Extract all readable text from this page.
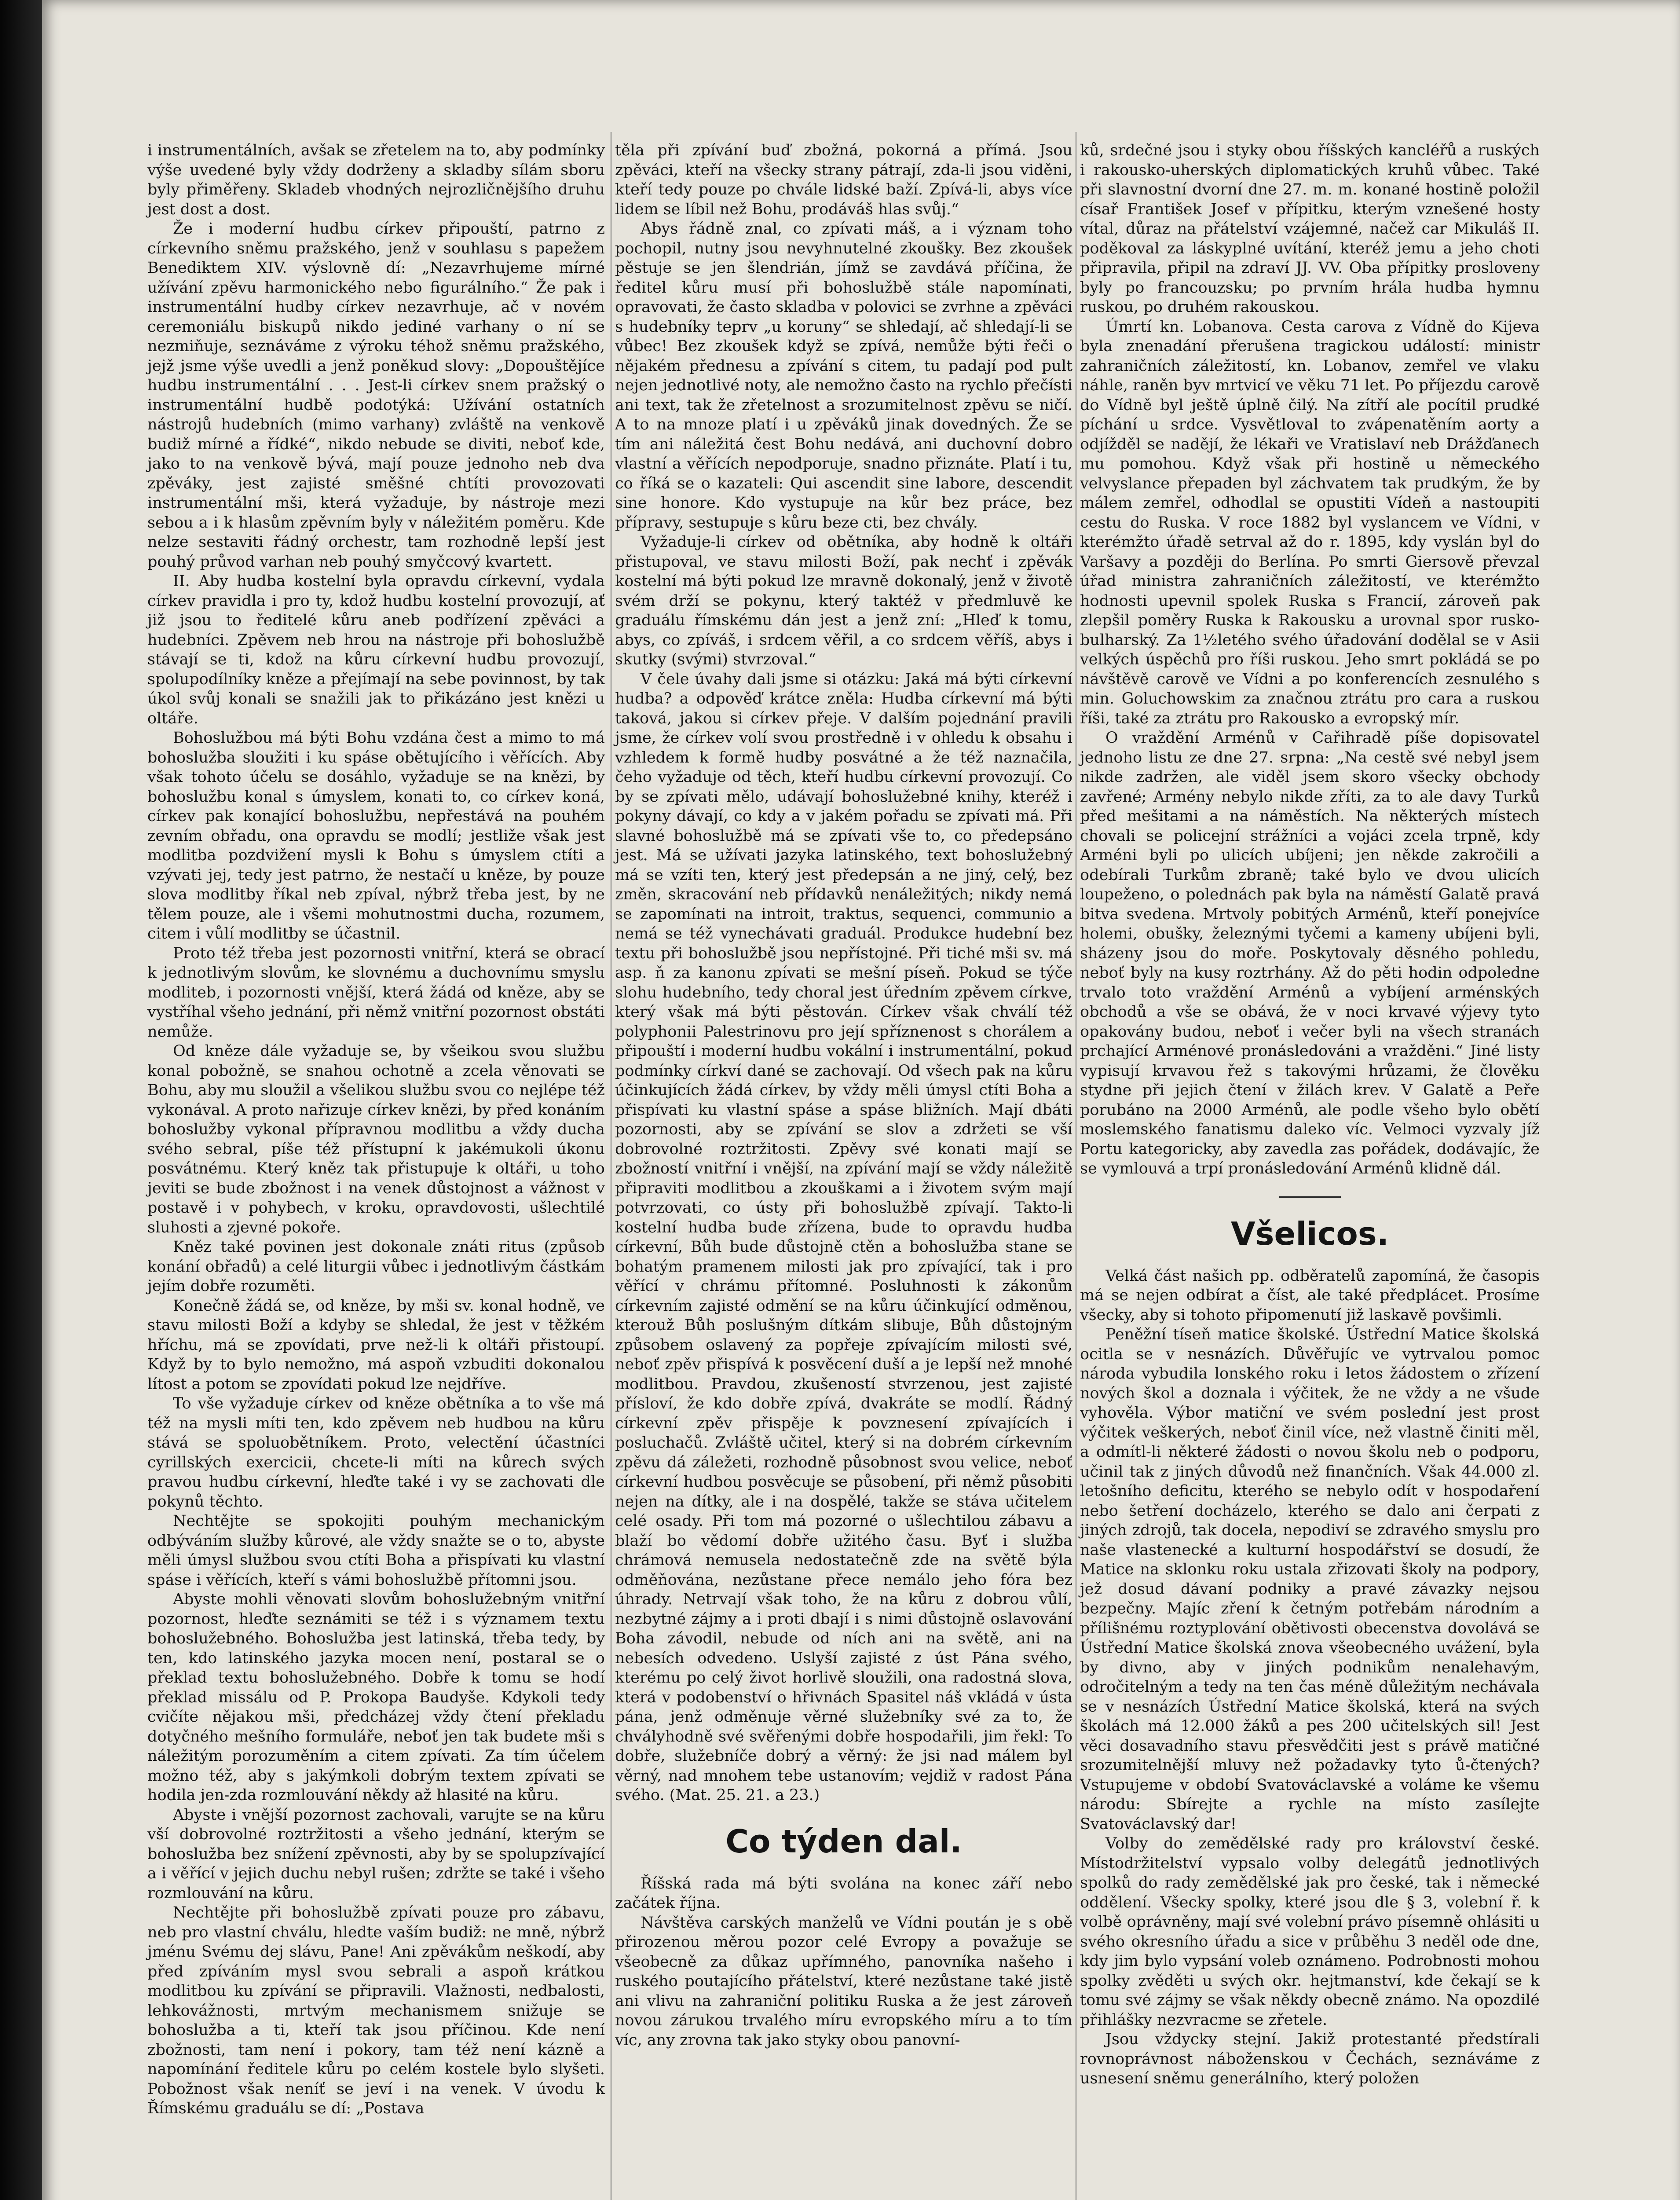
i instrumentálních, avšak se zřetelem na to, aby podmínky výše uvedené byly vždy dodrženy a skladby sílám sboru byly přiměřeny. Skladeb vhodných nejrozličnějšího druhu jest dost a dost.

Že i moderní hudbu církev připouští, patrno z církevního sněmu pražského, jenž v souhlasu s papežem Benediktem XIV. výslovně dí: „Nezavrhujeme mírné užívání zpěvu harmonického nebo figurálního.“ Že pak i instrumentální hudby církev nezavrhuje, ač v novém ceremoniálu biskupů nikdo jediné varhany o ní se nezmiňuje, seznáváme z výroku téhož sněmu pražského, jejž jsme výše uvedli a jenž poněkud slovy: „Dopouštějíce hudbu instrumentální . . . Jest-li církev snem pražský o instrumentální hudbě podotýká: Užívání ostatních nástrojů hudebních (mimo varhany) zvláště na venkově budiž mírné a řídké“, nikdo nebude se diviti, neboť kde, jako to na venkově bývá, mají pouze jednoho neb dva zpěváky, jest zajisté směšné chtíti provozovati instrumentální mši, která vyžaduje, by nástroje mezi sebou a i k hlasům zpěvním byly v náležitém poměru. Kde nelze sestaviti řádný orchestr, tam rozhodně lepší jest pouhý průvod varhan neb pouhý smyčcový kvartett.

II. Aby hudba kostelní byla opravdu církevní, vydala církev pravidla i pro ty, kdož hudbu kostelní provozují, ať již jsou to ředitelé kůru aneb podřízení zpěváci a hudebníci. Zpěvem neb hrou na nástroje při bohoslužbě stávají se ti, kdož na kůru církevní hudbu provozují, spolupodílníky kněze a přejímají na sebe povinnost, by tak úkol svůj konali se snažili jak to přikázáno jest knězi u oltáře.

Bohoslužbou má býti Bohu vzdána čest a mimo to má bohoslužba sloužiti i ku spáse obětujícího i věřících. Aby však tohoto účelu se dosáhlo, vyžaduje se na knězi, by bohoslužbu konal s úmyslem, konati to, co církev koná, církev pak konající bohoslužbu, nepřestává na pouhém zevním obřadu, ona opravdu se modlí; jestliže však jest modlitba pozdvižení mysli k Bohu s úmyslem ctíti a vzývati jej, tedy jest patrno, že nestačí u kněze, by pouze slova modlitby říkal neb zpíval, nýbrž třeba jest, by ne tělem pouze, ale i všemi mohutnostmi ducha, rozumem, citem i vůlí modlitby se účastnil.

Proto též třeba jest pozornosti vnitřní, která se obrací k jednotlivým slovům, ke slovnému a duchovnímu smyslu modliteb, i pozornosti vnější, která žádá od kněze, aby se vystříhal všeho jednání, při němž vnitřní pozornost obstáti nemůže.

Od kněze dále vyžaduje se, by všeikou svou službu konal pobožně, se snahou ochotně a zcela věnovati se Bohu, aby mu sloužil a všelikou službu svou co nejlépe též vykonával. A proto nařizuje církev knězi, by před konáním bohoslužby vykonal přípravnou modlitbu a vždy ducha svého sebral, píše též přístupní k jakémukoli úkonu posvátnému. Který kněz tak přistupuje k oltáři, u toho jeviti se bude zbožnost i na venek důstojnost a vážnost v postavě i v pohybech, v kroku, opravdovosti, ušlechtilé sluhosti a zjevné pokoře.

Kněz také povinen jest dokonale znáti ritus (způsob konání obřadů) a celé liturgii vůbec i jednotlivým částkám jejím dobře rozuměti.

Konečně žádá se, od kněze, by mši sv. konal hodně, ve stavu milosti Boží a kdyby se shledal, že jest v těžkém hříchu, má se zpovídati, prve než-li k oltáři přistoupí. Když by to bylo nemožno, má aspoň vzbuditi dokonalou lítost a potom se zpovídati pokud lze nejdříve.

To vše vyžaduje církev od kněze obětníka a to vše má též na mysli míti ten, kdo zpěvem neb hudbou na kůru stává se spoluobětníkem. Proto, velectění účastníci cyrillských exercicii, chcete-li míti na kůrech svých pravou hudbu církevní, hleďte také i vy se zachovati dle pokynů těchto.

Nechtějte se spokojiti pouhým mechanickým odbýváním služby kůrové, ale vždy snažte se o to, abyste měli úmysl službou svou ctíti Boha a přispívati ku vlastní spáse i věřících, kteří s vámi bohoslužbě přítomni jsou.

Abyste mohli věnovati slovům bohoslužebným vnitřní pozornost, hleďte seznámiti se též i s významem textu bohoslužebného. Bohoslužba jest latinská, třeba tedy, by ten, kdo latinského jazyka mocen není, postaral se o překlad textu bohoslužebného. Dobře k tomu se hodí překlad missálu od P. Prokopa Baudyše. Kdykoli tedy cvičíte nějakou mši, předcházej vždy čtení překladu dotyčného mešního formuláře, neboť jen tak budete mši s náležitým porozuměním a citem zpívati. Za tím účelem možno též, aby s jakýmkoli dobrým textem zpívati se hodila jen-zda rozmlouvání někdy až hlasité na kůru.

Abyste i vnější pozornost zachovali, varujte se na kůru vší dobrovolné roztržitosti a všeho jednání, kterým se bohoslužba bez snížení zpěvnosti, aby by se spolupzívající a i věřící v jejich duchu nebyl rušen; zdržte se také i všeho rozmlouvání na kůru.

Nechtějte při bohoslužbě zpívati pouze pro zábavu, neb pro vlastní chválu, hledte vaším budiž: ne mně, nýbrž jménu Svému dej slávu, Pane! Ani zpěvákům neškodí, aby před zpíváním mysl svou sebrali a aspoň krátkou modlitbou ku zpívání se připravili. Vlažnosti, nedbalosti, lehkovážnosti, mrtvým mechanismem snižuje se bohoslužba a ti, kteří tak jsou příčinou. Kde není zbožnosti, tam není i pokory, tam též není kázně a napomínání ředitele kůru po celém kostele bylo slyšeti. Pobožnost však neníť se jeví i na venek. V úvodu k Římskému graduálu se dí: „Postava

těla při zpívání buď zbožná, pokorná a přímá. Jsou zpěváci, kteří na všecky strany pátrají, zda-li jsou viděni, kteří tedy pouze po chvále lidské baží. Zpívá-li, abys více lidem se líbil než Bohu, prodáváš hlas svůj.“

Abys řádně znal, co zpívati máš, a i význam toho pochopil, nutny jsou nevyhnutelné zkoušky. Bez zkoušek pěstuje se jen šlendrián, jímž se zavdává příčina, že ředitel kůru musí při bohoslužbě stále napomínati, opravovati, že často skladba v polovici se zvrhne a zpěváci s hudebníky teprv „u koruny“ se shledají, ač shledají-li se vůbec! Bez zkoušek když se zpívá, nemůže býti řeči o nějakém přednesu a zpívání s citem, tu padají pod pult nejen jednotlivé noty, ale nemožno často na rychlo přečísti ani text, tak že zřetelnost a srozumitelnost zpěvu se ničí. A to na mnoze platí i u zpěváků jinak dovedných. Že se tím ani náležitá čest Bohu nedává, ani duchovní dobro vlastní a věřících nepodporuje, snadno přiznáte. Platí i tu, co říká se o kazateli: Qui ascendit sine labore, descendit sine honore. Kdo vystupuje na kůr bez práce, bez přípravy, sestupuje s kůru beze cti, bez chvály.

Vyžaduje-li církev od obětníka, aby hodně k oltáři přistupoval, ve stavu milosti Boží, pak nechť i zpěvák kostelní má býti pokud lze mravně dokonalý, jenž v životě svém drží se pokynu, který taktéž v předmluvě ke graduálu římskému dán jest a jenž zní: „Hleď k tomu, abys, co zpíváš, i srdcem věřil, a co srdcem věříš, abys i skutky (svými) stvrzoval.“

V čele úvahy dali jsme si otázku: Jaká má býti církevní hudba? a odpověď krátce zněla: Hudba církevní má býti taková, jakou si církev přeje. V dalším pojednání pravili jsme, že církev volí svou prostředně i v ohledu k obsahu i vzhledem k formě hudby posvátné a že též naznačila, čeho vyžaduje od těch, kteří hudbu církevní provozují. Co by se zpívati mělo, udávají bohoslužebné knihy, kteréž i pokyny dávají, co kdy a v jakém pořadu se zpívati má. Při slavné bohoslužbě má se zpívati vše to, co předepsáno jest. Má se užívati jazyka latinského, text bohoslužebný má se vzíti ten, který jest předepsán a ne jiný, celý, bez změn, skracování neb přídavků nenáležitých; nikdy nemá se zapomínati na introit, traktus, sequenci, communio a nemá se též vynechávati graduál. Produkce hudební bez textu při bohoslužbě jsou nepřístojné. Při tiché mši sv. má asp. ň za kanonu zpívati se mešní píseň. Pokud se týče slohu hudebního, tedy choral jest úředním zpěvem církve, který však má býti pěstován. Církev však chválí též polyphonii Palestrinovu pro její spříznenost s chorálem a připouští i moderní hudbu vokální i instrumentální, pokud podmínky církví dané se zachovají. Od všech pak na kůru účinkujících žádá církev, by vždy měli úmysl ctíti Boha a přispívati ku vlastní spáse a spáse bližních. Mají dbáti pozornosti, aby se zpívání se slov a zdržeti se vší dobrovolné roztržitosti. Zpěvy své konati mají se zbožností vnitřní i vnější, na zpívání mají se vždy náležitě připraviti modlitbou a zkouškami a i životem svým mají potvrzovati, co ústy při bohoslužbě zpívají. Takto-li kostelní hudba bude zřízena, bude to opravdu hudba církevní, Bůh bude důstojně ctěn a bohoslužba stane se bohatým pramenem milosti jak pro zpívající, tak i pro věřící v chrámu přítomné. Posluhnosti k zákonům církevním zajisté odmění se na kůru účinkující odměnou, kterouž Bůh poslušným dítkám slibuje, Bůh důstojným způsobem oslavený za popřeje zpívajícím milosti své, neboť zpěv přispívá k posvěcení duší a je lepší než mnohé modlitbou. Pravdou, zkušeností stvrzenou, jest zajisté přísloví, že kdo dobře zpívá, dvakráte se modlí. Řádný církevní zpěv přispěje k povznesení zpívajících i posluchačů. Zvláště učitel, který si na dobrém církevním zpěvu dá záležeti, rozhodně působnost svou velice, neboť církevní hudbou posvěcuje se působení, při němž působiti nejen na dítky, ale i na dospělé, takže se stáva učitelem celé osady. Při tom má pozorné o ušlechtilou zábavu a blaží bo vědomí dobře užitého času. Byť i služba chrámová nemusela nedostatečně zde na světě býla odměňována, nezůstane přece nemálo jeho fóra bez úhrady. Netrvají však toho, že na kůru z dobrou vůlí, nezbytné zájmy a i proti dbají i s nimi důstojně oslavování Boha závodil, nebude od ních ani na světě, ani na nebesích odvedeno. Uslyší zajisté z úst Pána svého, kterému po celý život horlivě sloužili, ona radostná slova, která v podobenství o hřivnách Spasitel náš vkládá v ústa pána, jenž odměnuje věrné služebníky své za to, že chvályhodně své svěřenými dobře hospodařili, jim řekl: To dobře, služebníče dobrý a věrný: že jsi nad málem byl věrný, nad mnohem tebe ustanovím; vejdiž v radost Pána svého. (Mat. 25. 21. a 23.)

Co týden dal.

Říšská rada má býti svolána na konec září nebo začátek října.

Návštěva carských manželů ve Vídni poután je s obě přirozenou měrou pozor celé Evropy a považuje se všeobecně za důkaz upřímného, panovníka našeho i ruského poutajícího přátelství, které nezůstane také jistě ani vlivu na zahraniční politiku Ruska a že jest zároveň novou zárukou trvalého míru evropského míru a to tím víc, any zrovna tak jako styky obou panovní-

ků, srdečné jsou i styky obou říšských kancléřů a ruských i rakousko-uherských diplomatických kruhů vůbec. Také při slavnostní dvorní dne 27. m. m. konané hostině položil císař František Josef v přípitku, kterým vznešené hosty vítal, důraz na přátelství vzájemné, načež car Mikuláš II. poděkoval za láskyplné uvítání, kteréž jemu a jeho choti připravila, připil na zdraví JJ. VV. Oba přípitky prosloveny byly po francouzsku; po prvním hrála hudba hymnu ruskou, po druhém rakouskou.

Úmrtí kn. Lobanova. Cesta carova z Vídně do Kijeva byla znenadání přerušena tragickou událostí: ministr zahraničních záležitostí, kn. Lobanov, zemřel ve vlaku náhle, raněn byv mrtvicí ve věku 71 let. Po příjezdu carově do Vídně byl ještě úplně čilý. Na zítří ale pocítil prudké píchání u srdce. Vysvětloval to zvápenatěním aorty a odjížděl se nadějí, že lékaři ve Vratislaví neb Drážďanech mu pomohou. Když však při hostině u německého velvyslance přepaden byl záchvatem tak prudkým, že by málem zemřel, odhodlal se opustiti Vídeň a nastoupiti cestu do Ruska. V roce 1882 byl vyslancem ve Vídni, v kterémžto úřadě setrval až do r. 1895, kdy vyslán byl do Varšavy a později do Berlína. Po smrti Giersově převzal úřad ministra zahraničních záležitostí, ve kterémžto hodnosti upevnil spolek Ruska s Francií, zároveň pak zlepšil poměry Ruska k Rakousku a urovnal spor rusko-bulharský. Za 1½letého svého úřadování dodělal se v Asii velkých úspěchů pro říši ruskou. Jeho smrt pokládá se po návštěvě carově ve Vídni a po konferencích zesnulého s min. Goluchowskim za značnou ztrátu pro cara a ruskou říši, také za ztrátu pro Rakousko a evropský mír.

O vraždění Arménů v Cařihradě píše dopisovatel jednoho listu ze dne 27. srpna: „Na cestě své nebyl jsem nikde zadržen, ale viděl jsem skoro všecky obchody zavřené; Armény nebylo nikde zříti, za to ale davy Turků před mešitami a na náměstích. Na některých místech chovali se policejní strážníci a vojáci zcela trpně, kdy Arméni byli po ulicích ubíjeni; jen někde zakročili a odebírali Turkům zbraně; také bylo ve dvou ulicích loupeženo, o polednách pak byla na náměstí Galatě pravá bitva svedena. Mrtvoly pobitých Arménů, kteří ponejvíce holemi, obušky, železnými tyčemi a kameny ubíjeni byli, sházeny jsou do moře. Poskytovaly děsného pohledu, neboť byly na kusy roztrhány. Až do pěti hodin odpoledne trvalo toto vraždění Arménů a vybíjení arménských obchodů a vše se obává, že v noci krvavé výjevy tyto opakovány budou, neboť i večer byli na všech stranách prchající Arménové pronásledováni a vražděni.“ Jiné listy vypisují krvavou řež s takovými hrůzami, že člověku stydne při jejich čtení v žilách krev. V Galatě a Peře porubáno na 2000 Arménů, ale podle všeho bylo obětí moslemského fanatismu daleko víc. Velmoci vyzvaly jíž Portu kategoricky, aby zavedla zas pořádek, dodávajíc, že se vymlouvá a trpí pronásledování Arménů klidně dál.

Všelicos.

Velká část našich pp. odběratelů zapomíná, že časopis má se nejen odbírat a číst, ale také předplácet. Prosíme všecky, aby si tohoto připomenutí již laskavě povšimli.

Peněžní tíseň matice školské. Ústřední Matice školská ocitla se v nesnázích. Důvěřujíc ve vytrvalou pomoc národa vybudila lonského roku i letos žádostem o zřízení nových škol a doznala i výčitek, že ne vždy a ne všude vyhověla. Výbor matiční ve svém poslední jest prost výčitek veškerých, neboť činil více, než vlastně činiti měl, a odmítl-li některé žádosti o novou školu neb o podporu, učinil tak z jiných důvodů než finančních. Však 44.000 zl. letošního deficitu, kterého se nebylo odít v hospodaření nebo šetření docházelo, kterého se dalo ani čerpati z jiných zdrojů, tak docela, nepodiví se zdravého smyslu pro naše vlastenecké a kulturní hospodářství se dosudí, že Matice na sklonku roku ustala zřizovati školy na podpory, jež dosud dávaní podniky a pravé závazky nejsou bezpečny. Majíc zření k četným potřebám národním a přílišnému roztyplování obětivosti obecenstva dovolává se Ústřední Matice školská znova všeobecného uvážení, byla by divno, aby v jiných podnikům nenalehavým, odročitelným a tedy na ten čas méně důležitým nechávala se v nesnázích Ústřední Matice školská, která na svých školách má 12.000 žáků a pes 200 učitelských sil! Jest věci dosavadního stavu přesvědčiti jest s právě matičné srozumitelnější mluvy než požadavky tyto ů-čtených? Vstupujeme v období Svatováclavské a voláme ke všemu národu: Sbírejte a rychle na místo zasílejte Svatováclavský dar!

Volby do zemědělské rady pro království české. Místodržitelství vypsalo volby delegátů jednotlivých spolků do rady zemědělské jak pro české, tak i německé oddělení. Všecky spolky, které jsou dle § 3, volební ř. k volbě oprávněny, mají své volební právo písemně ohlásiti u svého okresního úřadu a sice v průběhu 3 neděl ode dne, kdy jim bylo vypsání voleb oznámeno. Podrobnosti mohou spolky zvěděti u svých okr. hejtmanství, kde čekají se k tomu své zájmy se však někdy obecně známo. Na opozdilé přihlášky nezvracme se zřetele.

Jsou vždycky stejní. Jakiž protestanté předstírali rovnoprávnost náboženskou v Čechách, seznáváme z usnesení sněmu generálního, který položen
